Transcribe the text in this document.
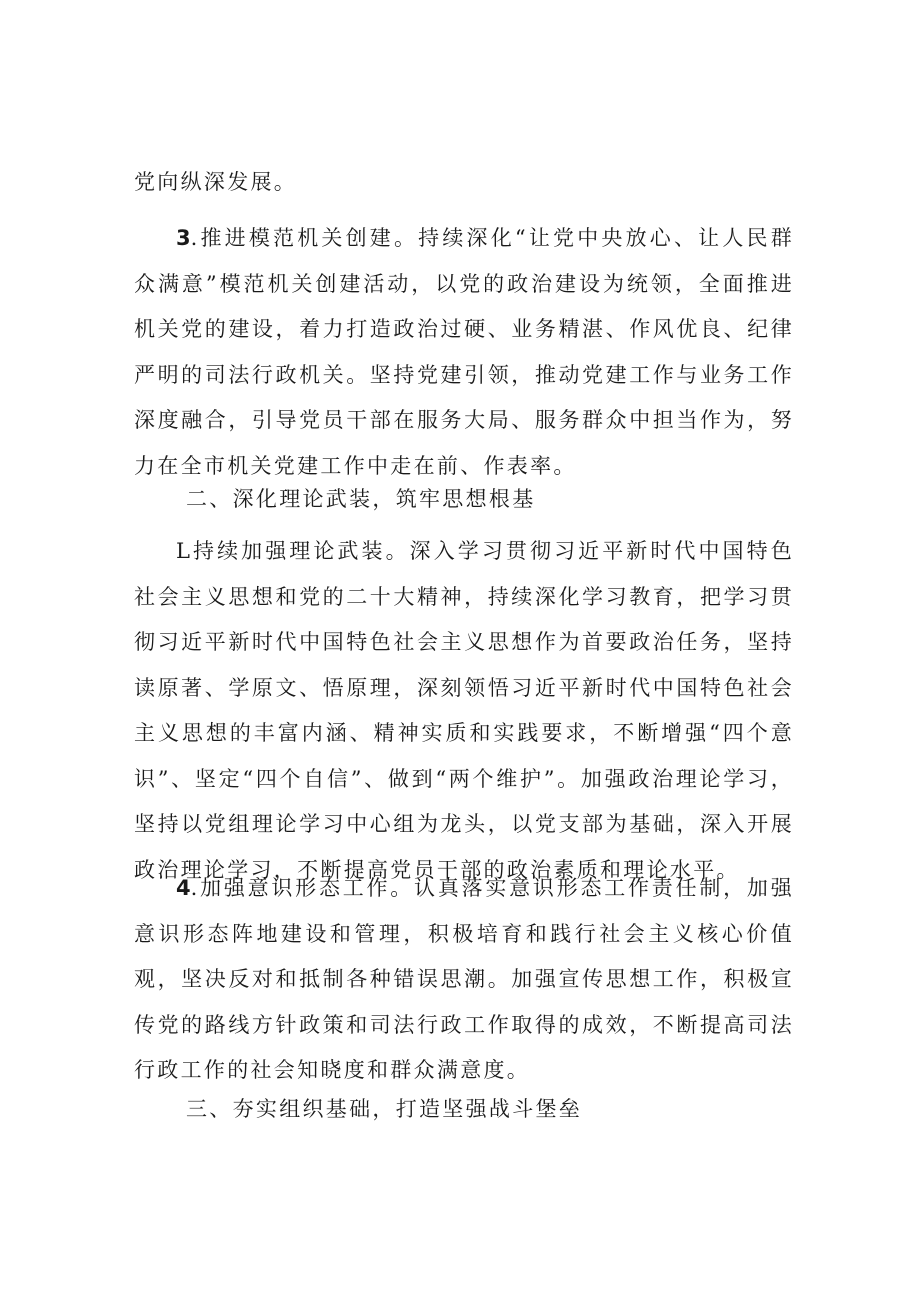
党向纵深发展。

3.推进模范机关创建。持续深化“让党中央放心、让人民群众满意”模范机关创建活动，以党的政治建设为统领，全面推进机关党的建设，着力打造政治过硬、业务精湛、作风优良、纪律严明的司法行政机关。坚持党建引领，推动党建工作与业务工作深度融合，引导党员干部在服务大局、服务群众中担当作为，努力在全市机关党建工作中走在前、作表率。

二、深化理论武装，筑牢思想根基

L持续加强理论武装。深入学习贯彻习近平新时代中国特色社会主义思想和党的二十大精神，持续深化学习教育，把学习贯彻习近平新时代中国特色社会主义思想作为首要政治任务，坚持读原著、学原文、悟原理，深刻领悟习近平新时代中国特色社会主义思想的丰富内涵、精神实质和实践要求，不断增强“四个意识”、坚定“四个自信”、做到“两个维护”。加强政治理论学习，坚持以党组理论学习中心组为龙头，以党支部为基础，深入开展政治理论学习，不断提高党员干部的政治素质和理论水平。

4.加强意识形态工作。认真落实意识形态工作责任制，加强意识形态阵地建设和管理，积极培育和践行社会主义核心价值观，坚决反对和抵制各种错误思潮。加强宣传思想工作，积极宣传党的路线方针政策和司法行政工作取得的成效，不断提高司法行政工作的社会知晓度和群众满意度。

三、夯实组织基础，打造坚强战斗堡垒
